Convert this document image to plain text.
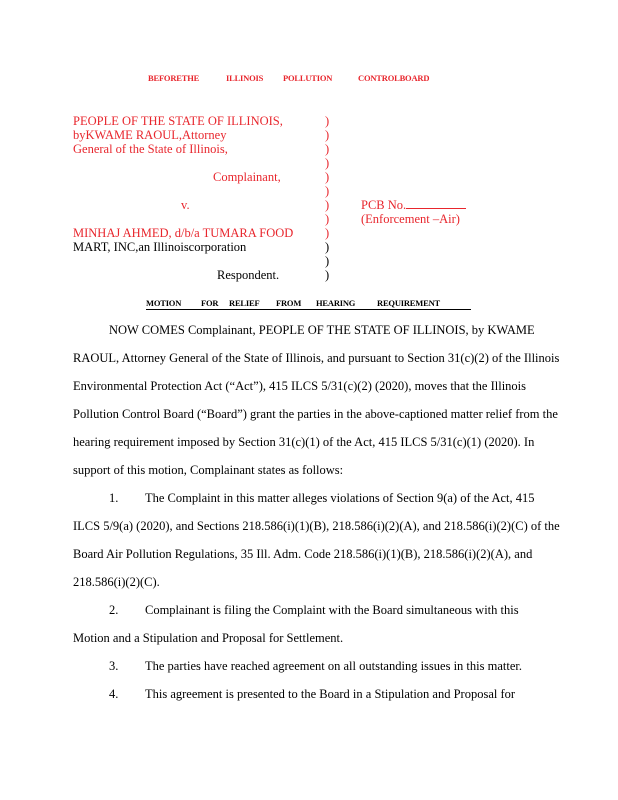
BEFORETHE	ILLINOIS POLLUTION	CONTROLBOARD
PEOPLE OF THE STATE OF ILLINOIS,
byKWAME RAOUL,Attorney
General of the State of Illinois,
Complainant,
v.
MINHAJ AHMED, d/b/a TUMARA FOOD
MART, INC,an Illinoiscorporation
Respondent.
)
)
)
)
)
)
)
)
)
)
)
)
PCB No.
(Enforcement –Air)
MOTION FOR RELIEF FROM HEARING	REQUIREMENT
NOW COMES Complainant, PEOPLE OF THE STATE OF ILLINOIS, by KWAME
RAOUL, Attorney General of the State of Illinois, and pursuant to Section 31(c)(2) of the Illinois
Environmental Protection Act (“Act”), 415 ILCS 5/31(c)(2) (2020), moves that the Illinois
Pollution Control Board (“Board”) grant the parties in the above-captioned matter relief from the
hearing requirement imposed by Section 31(c)(1) of the Act, 415 ILCS 5/31(c)(1) (2020). In
support of this motion, Complainant states as follows:
1. The Complaint in this matter alleges violations of Section 9(a) of the Act, 415
ILCS 5/9(a) (2020), and Sections 218.586(i)(1)(B), 218.586(i)(2)(A), and 218.586(i)(2)(C) of the
Board Air Pollution Regulations, 35 Ill. Adm. Code 218.586(i)(1)(B), 218.586(i)(2)(A), and
218.586(i)(2)(C).
2. Complainant is filing the Complaint with the Board simultaneous with this
Motion and a Stipulation and Proposal for Settlement.
3. The parties have reached agreement on all outstanding issues in this matter.
4. This agreement is presented to the Board in a Stipulation and Proposal for
